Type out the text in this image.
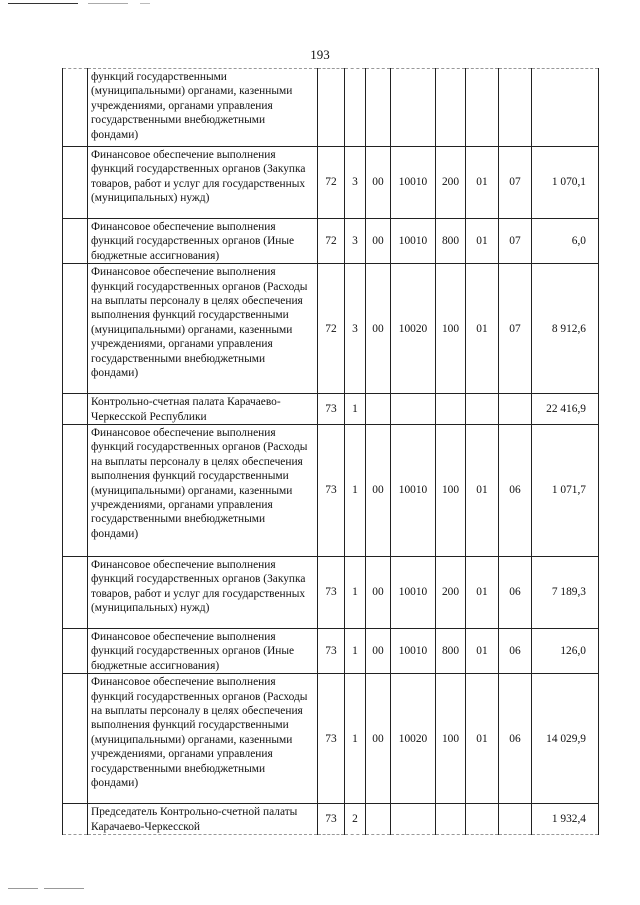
193
	функций государственными (муниципальными) органами, казенными учреждениями, органами управления государственными внебюджетными фондами)								
	Финансовое обеспечение выполнения функций государственных органов (Закупка товаров, работ и услуг для государственных (муниципальных) нужд)	72	3	00	10010	200	01	07	1 070,1
	Финансовое обеспечение выполнения функций государственных органов (Иные бюджетные ассигнования)	72	3	00	10010	800	01	07	6,0
	Финансовое обеспечение выполнения функций государственных органов (Расходы на выплаты персоналу в целях обеспечения выполнения функций государственными (муниципальными) органами, казенными учреждениями, органами управления государственными внебюджетными фондами)	72	3	00	10020	100	01	07	8 912,6
	Контрольно-счетная палата Карачаево-Черкесской Республики	73	1						22 416,9
	Финансовое обеспечение выполнения функций государственных органов (Расходы на выплаты персоналу в целях обеспечения выполнения функций государственными (муниципальными) органами, казенными учреждениями, органами управления государственными внебюджетными фондами)	73	1	00	10010	100	01	06	1 071,7
	Финансовое обеспечение выполнения функций государственных органов (Закупка товаров, работ и услуг для государственных (муниципальных) нужд)	73	1	00	10010	200	01	06	7 189,3
	Финансовое обеспечение выполнения функций государственных органов (Иные бюджетные ассигнования)	73	1	00	10010	800	01	06	126,0
	Финансовое обеспечение выполнения функций государственных органов (Расходы на выплаты персоналу в целях обеспечения выполнения функций государственными (муниципальными) органами, казенными учреждениями, органами управления государственными внебюджетными фондами)	73	1	00	10020	100	01	06	14 029,9
	Председатель Контрольно-счетной палаты Карачаево-Черкесской	73	2						1 932,4
